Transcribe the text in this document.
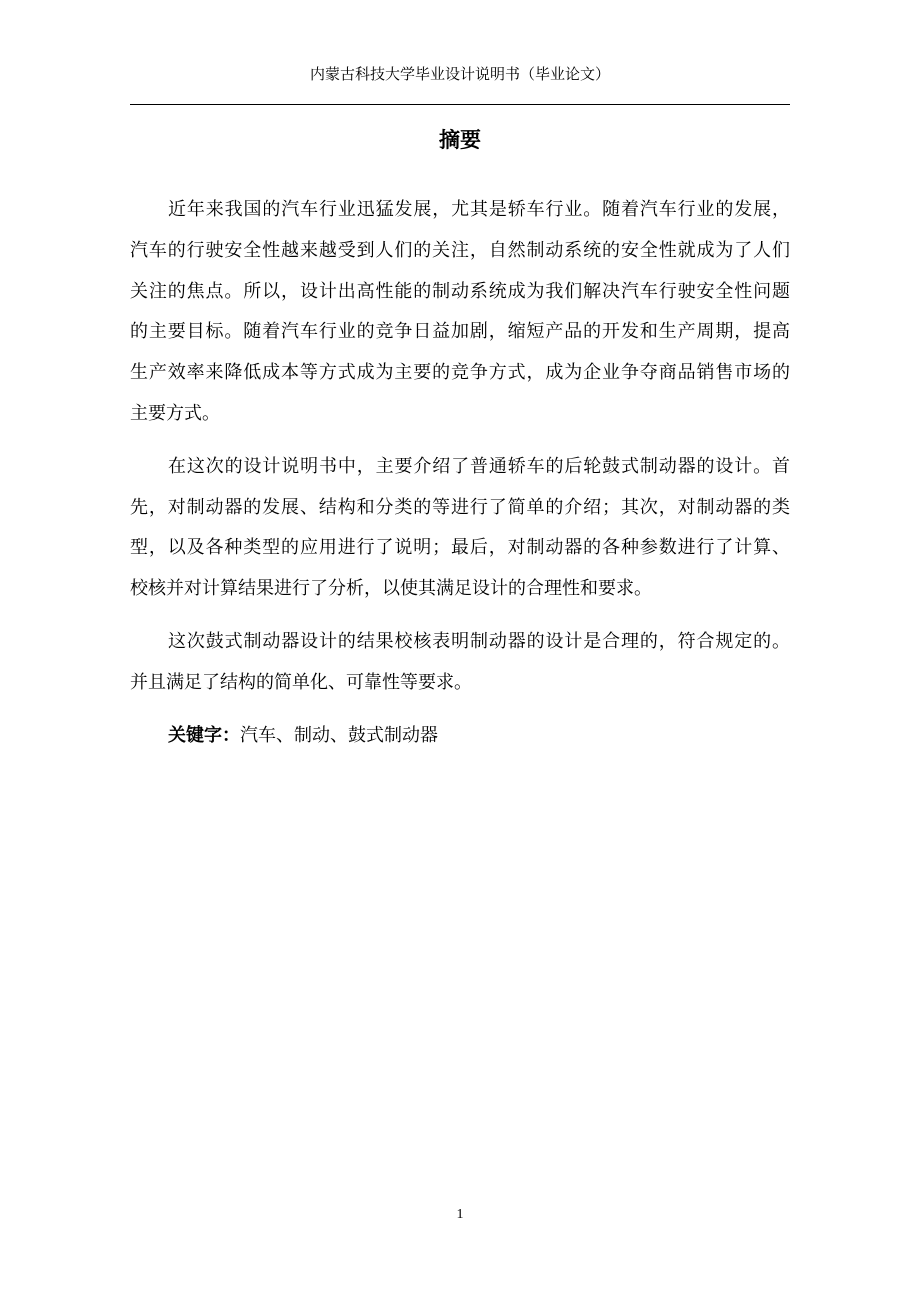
内蒙古科技大学毕业设计说明书（毕业论文）
摘要
近年来我国的汽车行业迅猛发展，尤其是轿车行业。随着汽车行业的发展，
汽车的行驶安全性越来越受到人们的关注，自然制动系统的安全性就成为了人们
关注的焦点。所以，设计出高性能的制动系统成为我们解决汽车行驶安全性问题
的主要目标。随着汽车行业的竞争日益加剧，缩短产品的开发和生产周期，提高
生产效率来降低成本等方式成为主要的竞争方式，成为企业争夺商品销售市场的
主要方式。
在这次的设计说明书中，主要介绍了普通轿车的后轮鼓式制动器的设计。首
先，对制动器的发展、结构和分类的等进行了简单的介绍；其次，对制动器的类
型，以及各种类型的应用进行了说明；最后，对制动器的各种参数进行了计算、
校核并对计算结果进行了分析，以使其满足设计的合理性和要求。
这次鼓式制动器设计的结果校核表明制动器的设计是合理的，符合规定的。
并且满足了结构的简单化、可靠性等要求。
关键字：汽车、制动、鼓式制动器
1
